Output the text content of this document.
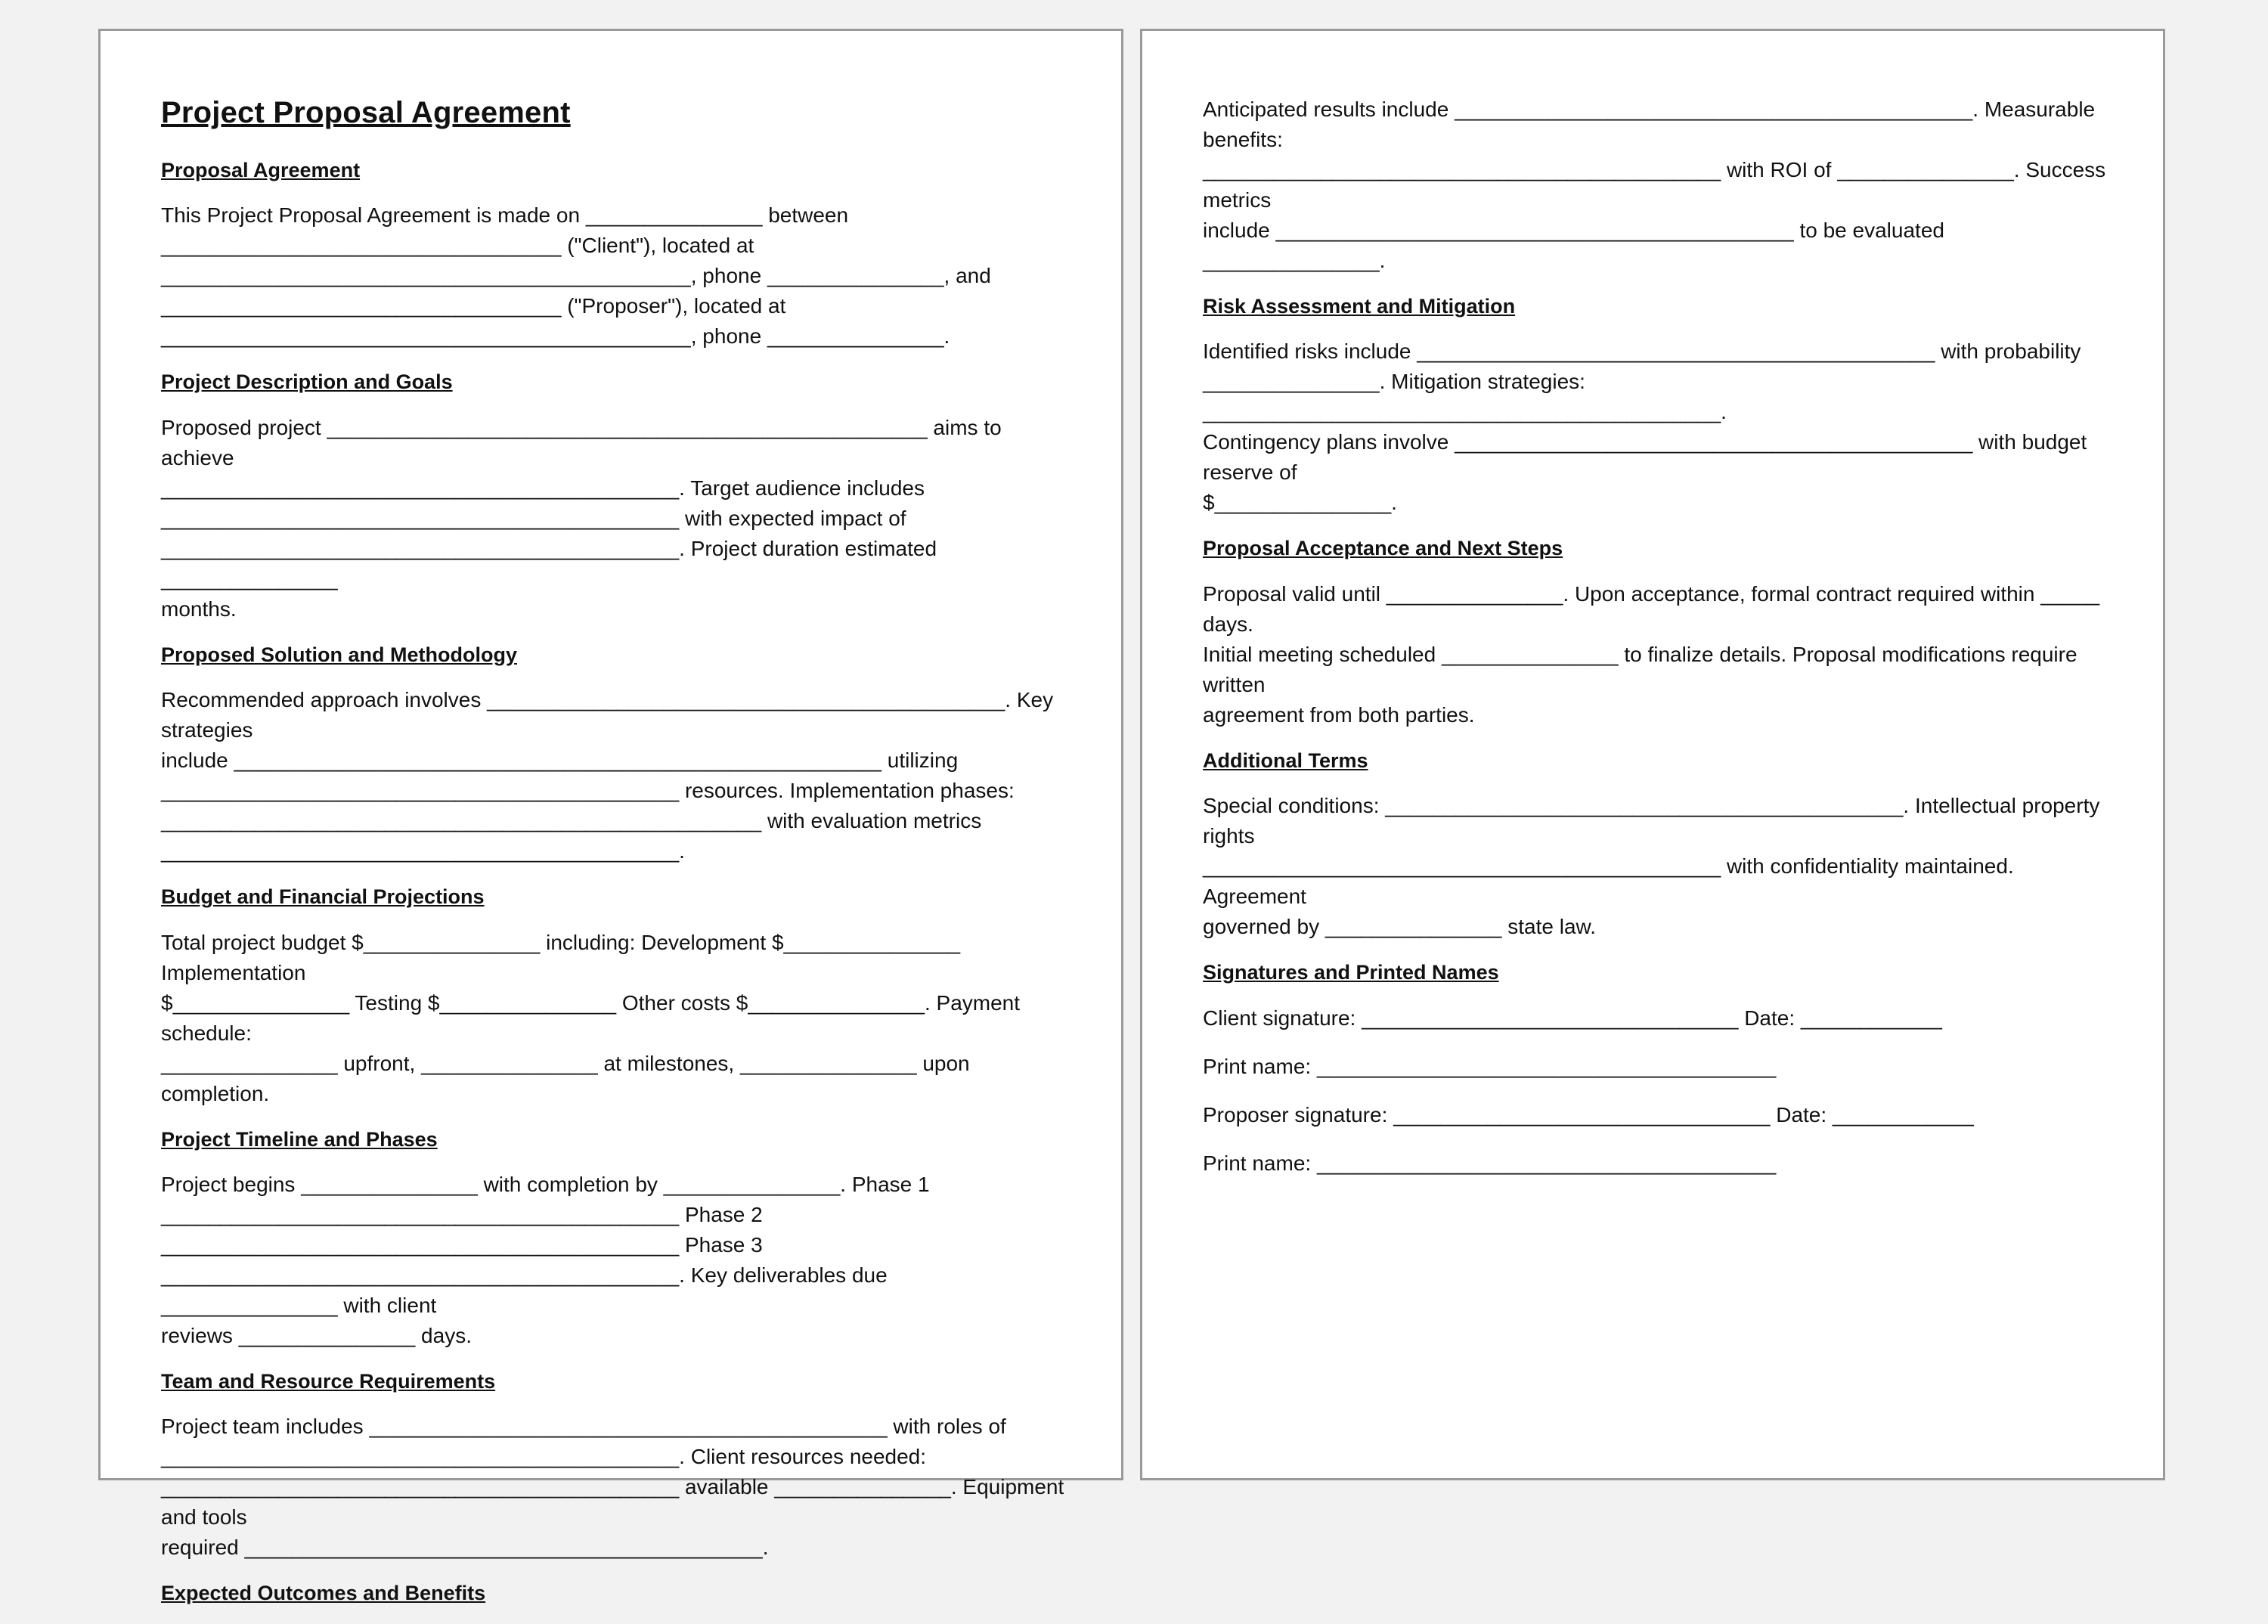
Project Proposal Agreement
Proposal Agreement

This Project Proposal Agreement is made on _______________ between
__________________________________ ("Client"), located at
_____________________________________________, phone _______________, and
__________________________________ ("Proposer"), located at
_____________________________________________, phone _______________.

Project Description and Goals

Proposed project ___________________________________________________ aims to achieve
____________________________________________. Target audience includes
____________________________________________ with expected impact of
____________________________________________. Project duration estimated _______________
months.

Proposed Solution and Methodology

Recommended approach involves ____________________________________________. Key strategies
include _______________________________________________________ utilizing
____________________________________________ resources. Implementation phases:
___________________________________________________ with evaluation metrics
____________________________________________.

Budget and Financial Projections

Total project budget $_______________ including: Development $_______________ Implementation
$_______________ Testing $_______________ Other costs $_______________. Payment schedule:
_______________ upfront, _______________ at milestones, _______________ upon completion.

Project Timeline and Phases

Project begins _______________ with completion by _______________. Phase 1
____________________________________________ Phase 2
____________________________________________ Phase 3
____________________________________________. Key deliverables due _______________ with client
reviews _______________ days.

Team and Resource Requirements

Project team includes ____________________________________________ with roles of
____________________________________________. Client resources needed:
____________________________________________ available _______________. Equipment and tools
required ____________________________________________.

Expected Outcomes and Benefits

Anticipated results include ____________________________________________. Measurable benefits:
____________________________________________ with ROI of _______________. Success metrics
include ____________________________________________ to be evaluated _______________.

Risk Assessment and Mitigation

Identified risks include ____________________________________________ with probability
_______________. Mitigation strategies: ____________________________________________.
Contingency plans involve ____________________________________________ with budget reserve of
$_______________.

Proposal Acceptance and Next Steps

Proposal valid until _______________. Upon acceptance, formal contract required within _____ days.
Initial meeting scheduled _______________ to finalize details. Proposal modifications require written
agreement from both parties.

Additional Terms

Special conditions: ____________________________________________. Intellectual property rights
____________________________________________ with confidentiality maintained. Agreement
governed by _______________ state law.

Signatures and Printed Names

Client signature: ________________________________ Date: ____________

Print name: _______________________________________

Proposer signature: ________________________________ Date: ____________

Print name: _______________________________________
